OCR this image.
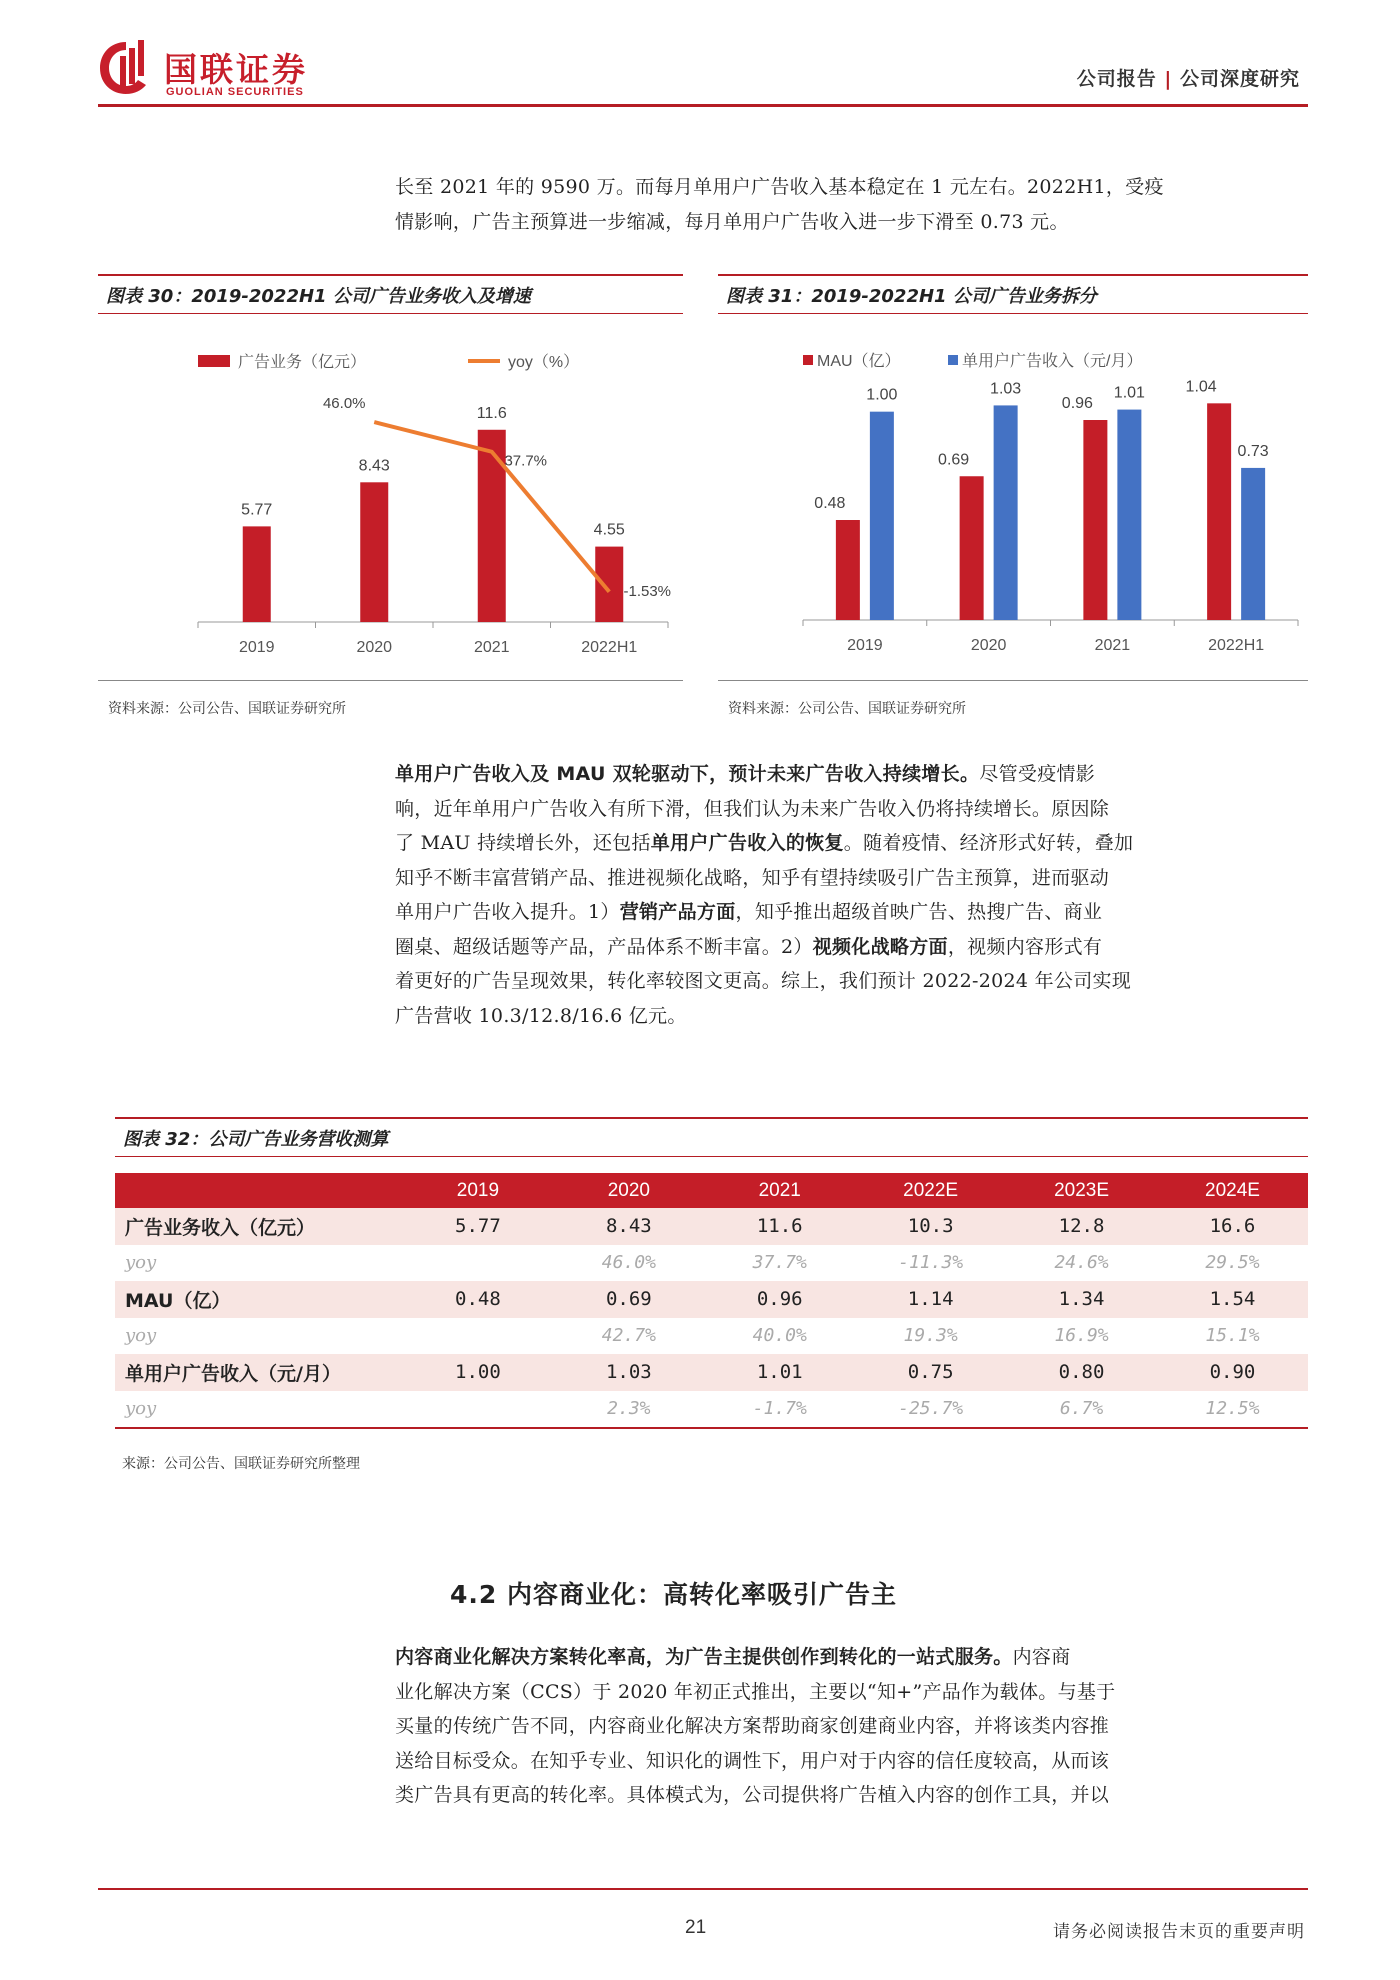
国联证券
GUOLIAN SECURITIES
公司报告 | 公司深度研究
长至 2021 年的 9590 万。而每月单用户广告收入基本稳定在 1 元左右。2022H1，受疫
情影响，广告主预算进一步缩减，每月单用户广告收入进一步下滑至 0.73 元。
图表 30：2019-2022H1 公司广告业务收入及增速
广告业务（亿元）	yoy（%）
5.77
2019
8.43
2020
11.6
2021
4.55
2022H1
46.0%
37.7%
-1.53%
资料来源：公司公告、国联证券研究所
图表 31：2019-2022H1 公司广告业务拆分
MAU（亿）	单用户广告收入（元/月）
0.48
1.00
2019
0.69
1.03
2020
0.96
1.01
2021
1.04
0.73
2022H1
资料来源：公司公告、国联证券研究所
单用户广告收入及 MAU 双轮驱动下，预计未来广告收入持续增长。尽管受疫情影
响，近年单用户广告收入有所下滑，但我们认为未来广告收入仍将持续增长。原因除
了 MAU 持续增长外，还包括单用户广告收入的恢复。随着疫情、经济形式好转，叠加
知乎不断丰富营销产品、推进视频化战略，知乎有望持续吸引广告主预算，进而驱动
单用户广告收入提升。1）营销产品方面，知乎推出超级首映广告、热搜广告、商业
圈桌、超级话题等产品，产品体系不断丰富。2）视频化战略方面，视频内容形式有
着更好的广告呈现效果，转化率较图文更高。综上，我们预计 2022-2024 年公司实现
广告营收 10.3/12.8/16.6 亿元。
图表 32：公司广告业务营收测算
	2019	2020	2021	2022E	2023E	2024E
广告业务收入（亿元）	5.77	8.43	11.6	10.3	12.8	16.6
yoy		46.0%	37.7%	-11.3%	24.6%	29.5%
MAU（亿）	0.48	0.69	0.96	1.14	1.34	1.54
yoy		42.7%	40.0%	19.3%	16.9%	15.1%
单用户广告收入（元/月）	1.00	1.03	1.01	0.75	0.80	0.90
yoy		2.3%	-1.7%	-25.7%	6.7%	12.5%
来源：公司公告、国联证券研究所整理
4.2 内容商业化：高转化率吸引广告主
内容商业化解决方案转化率高，为广告主提供创作到转化的一站式服务。内容商
业化解决方案（CCS）于 2020 年初正式推出，主要以“知+”产品作为载体。与基于
买量的传统广告不同，内容商业化解决方案帮助商家创建商业内容，并将该类内容推
送给目标受众。在知乎专业、知识化的调性下，用户对于内容的信任度较高，从而该
类广告具有更高的转化率。具体模式为，公司提供将广告植入内容的创作工具，并以
21	请务必阅读报告末页的重要声明
